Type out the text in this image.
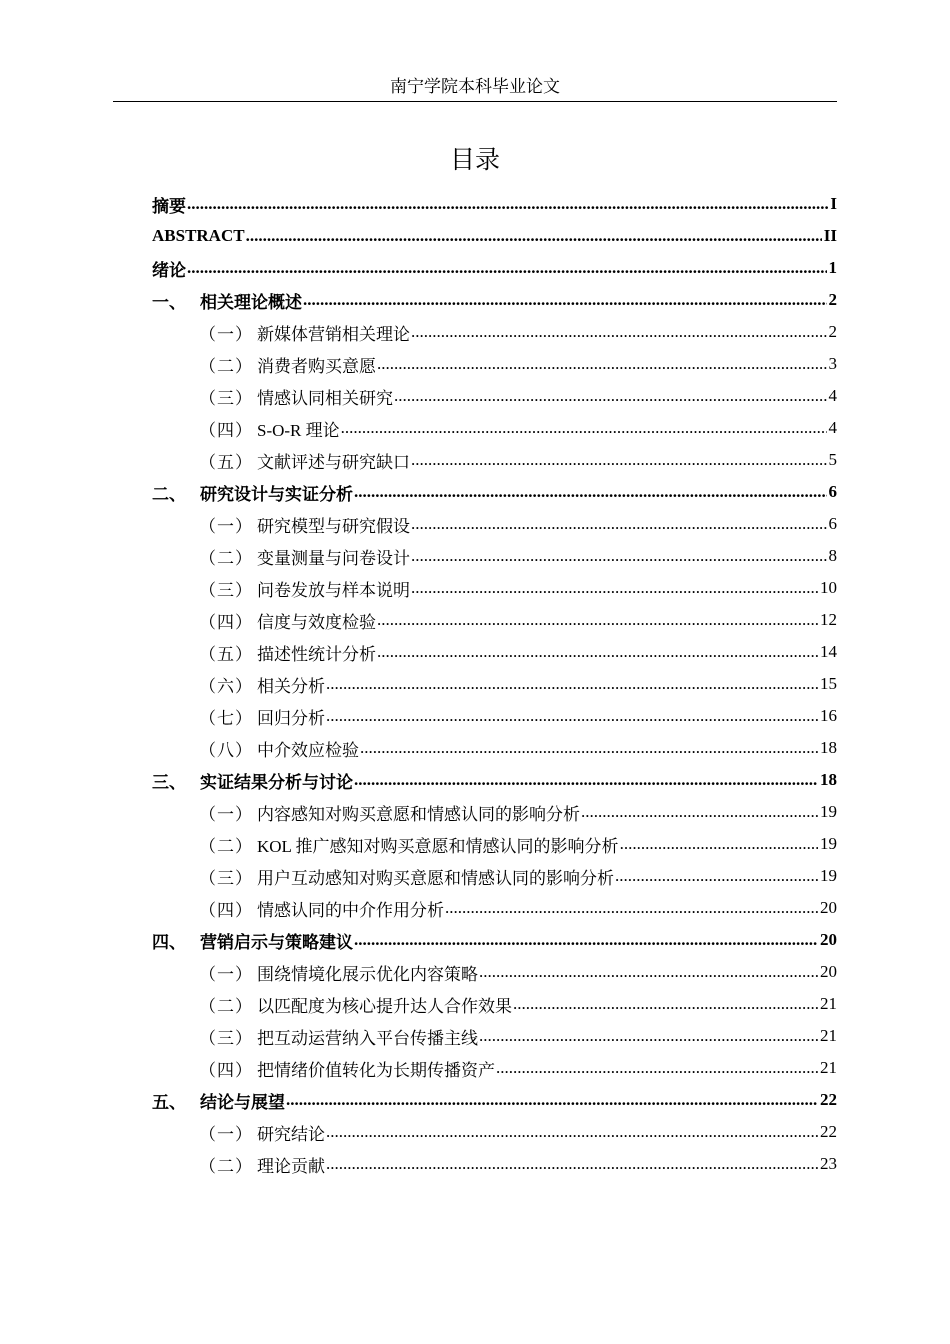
南宁学院本科毕业论文
目录
摘要 .....	I
ABSTRACT .....	II
绪论 .....	1
一、 相关理论概述 .....	2
（一） 新媒体营销相关理论 .....	2
（二） 消费者购买意愿 .....	3
（三） 情感认同相关研究 .....	4
（四） S-O-R 理论 .....	4
（五） 文献评述与研究缺口 .....	5
二、 研究设计与实证分析 .....	6
（一） 研究模型与研究假设 .....	6
（二） 变量测量与问卷设计 .....	8
（三） 问卷发放与样本说明 .....	10
（四） 信度与效度检验 .....	12
（五） 描述性统计分析 .....	14
（六） 相关分析 .....	15
（七） 回归分析 .....	16
（八） 中介效应检验 .....	18
三、 实证结果分析与讨论 .....	18
（一） 内容感知对购买意愿和情感认同的影响分析 .....	19
（二） KOL 推广感知对购买意愿和情感认同的影响分析 .....	19
（三） 用户互动感知对购买意愿和情感认同的影响分析 .....	19
（四） 情感认同的中介作用分析 .....	20
四、 营销启示与策略建议 .....	20
（一） 围绕情境化展示优化内容策略 .....	20
（二） 以匹配度为核心提升达人合作效果 .....	21
（三） 把互动运营纳入平台传播主线 .....	21
（四） 把情绪价值转化为长期传播资产 .....	21
五、 结论与展望 .....	22
（一） 研究结论 .....	22
（二） 理论贡献 .....	23
